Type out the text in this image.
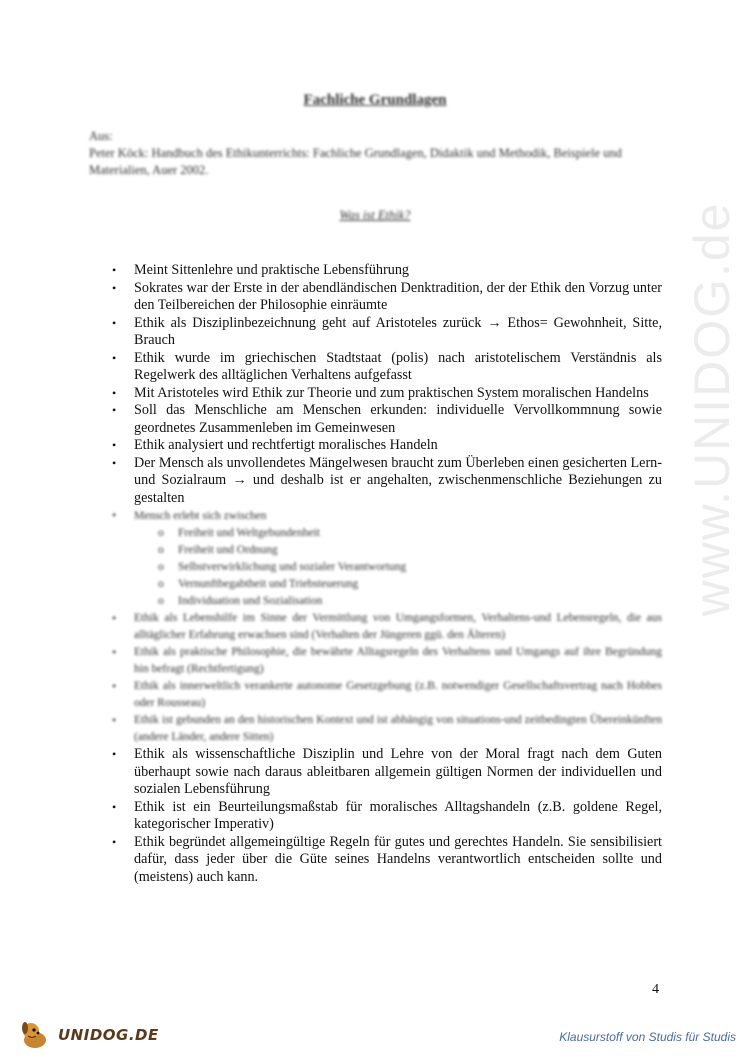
www.UNIDOG.de
Fachliche Grundlagen
Aus:
Peter Köck: Handbuch des Ethikunterrichts: Fachliche Grundlagen, Didaktik und Methodik, Beispiele und Materialien, Auer 2002.
Was ist Ethik?
•	Meint Sittenlehre und praktische Lebensführung
•	Sokrates war der Erste in der abendländischen Denktradition, der der Ethik den Vorzug unter den Teilbereichen der Philosophie einräumte
•	Ethik als Disziplinbezeichnung geht auf Aristoteles zurück → Ethos= Gewohnheit, Sitte, Brauch
•	Ethik wurde im griechischen Stadtstaat (polis) nach aristotelischem Verständnis als Regelwerk des alltäglichen Verhaltens aufgefasst
•	Mit Aristoteles wird Ethik zur Theorie und zum praktischen System moralischen Handelns
•	Soll das Menschliche am Menschen erkunden: individuelle Vervollkommnung sowie geordnetes Zusammenleben im Gemeinwesen
•	Ethik analysiert und rechtfertigt moralisches Handeln
•	Der Mensch als unvollendetes Mängelwesen braucht zum Überleben einen gesicherten Lern-und Sozialraum → und deshalb ist er angehalten, zwischenmenschliche Beziehungen zu gestalten
•	Mensch erlebt sich zwischen
o Freiheit und Weltgebundenheit
o Freiheit und Ordnung
o Selbstverwirklichung und sozialer Verantwortung
o Vernunftbegabtheit und Triebsteuerung
o Individuation und Sozialisation
•	Ethik als Lebenshilfe im Sinne der Vermittlung von Umgangsformen, Verhaltens-und Lebensregeln, die aus alltäglicher Erfahrung erwachsen sind (Verhalten der Jüngeren ggü. den Älteren)
•	Ethik als praktische Philosophie, die bewährte Alltagsregeln des Verhaltens und Umgangs auf ihre Begründung hin befragt (Rechtfertigung)
•	Ethik als innerweltlich verankerte autonome Gesetzgebung (z.B. notwendiger Gesellschaftsvertrag nach Hobbes oder Rousseau)
•	Ethik ist gebunden an den historischen Kontext und ist abhängig von situations-und zeitbedingten Übereinkünften (andere Länder, andere Sitten)
•	Ethik als wissenschaftliche Disziplin und Lehre von der Moral fragt nach dem Guten überhaupt sowie nach daraus ableitbaren allgemein gültigen Normen der individuellen und sozialen Lebensführung
•	Ethik ist ein Beurteilungsmaßstab für moralisches Alltagshandeln (z.B. goldene Regel, kategorischer Imperativ)
•	Ethik begründet allgemeingültige Regeln für gutes und gerechtes Handeln. Sie sensibilisiert dafür, dass jeder über die Güte seines Handelns verantwortlich entscheiden sollte und (meistens) auch kann.
4
UNIDOG.DE	Klausurstoff von Studis für Studis
